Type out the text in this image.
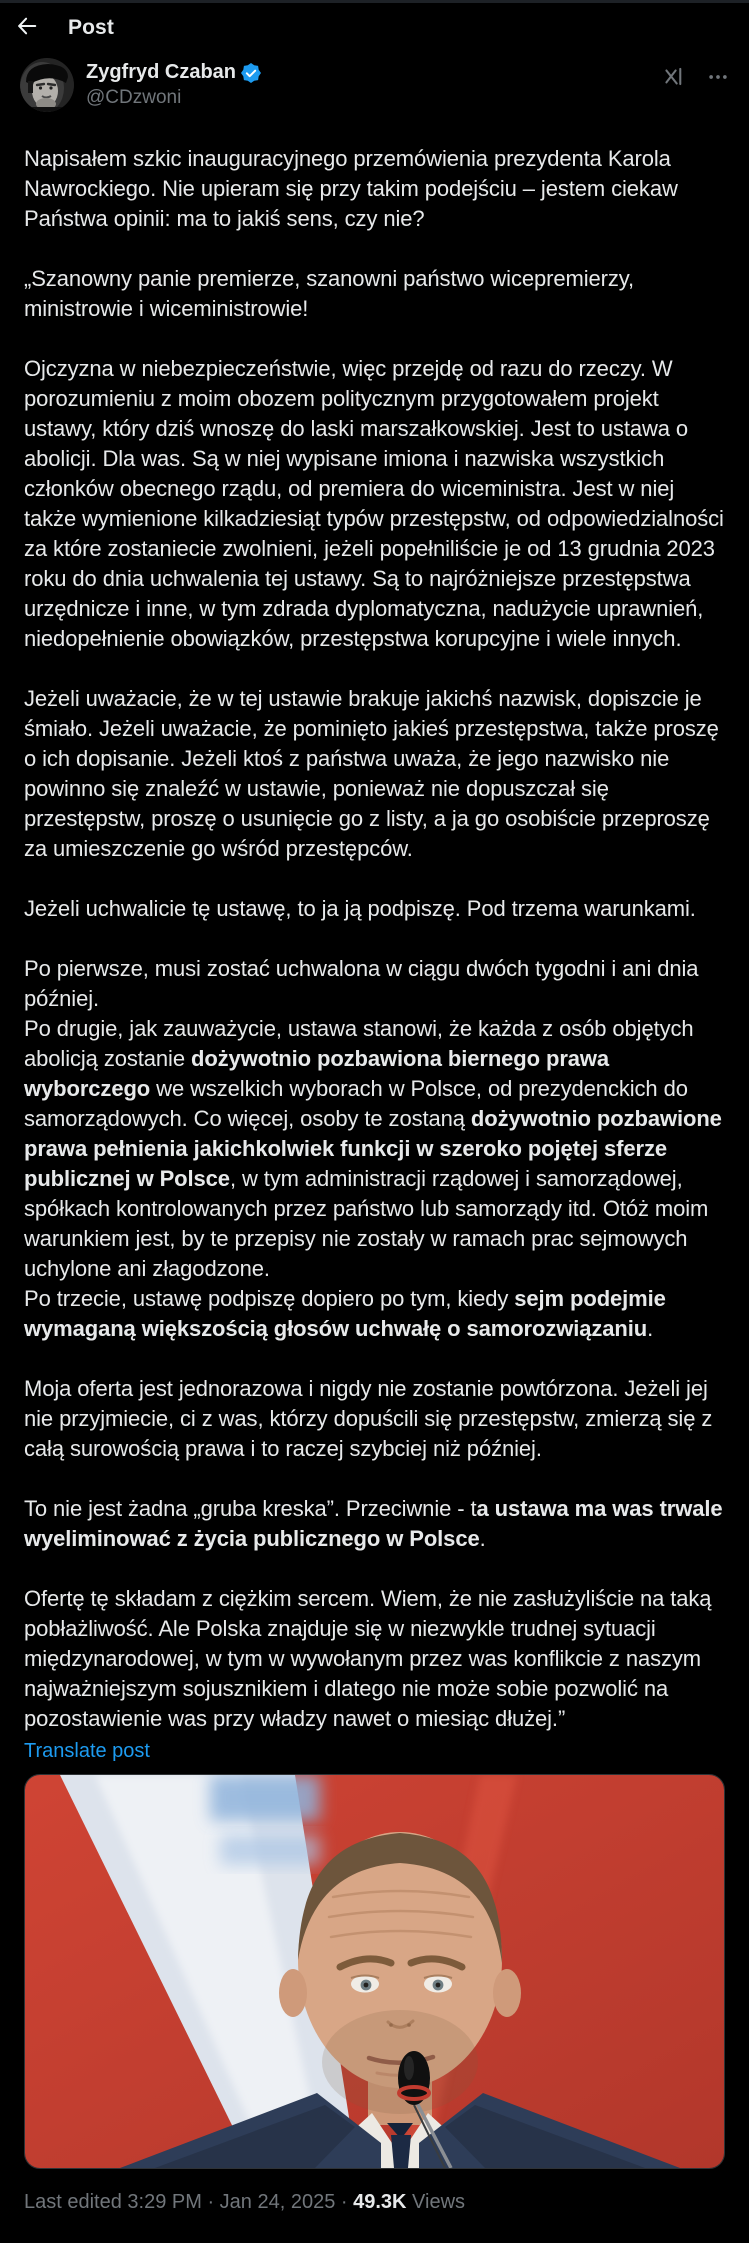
Post
Zygfryd Czaban
@CDzwoni

Napisałem szkic inauguracyjnego przemówienia prezydenta Karola Nawrockiego. Nie upieram się przy takim podejściu – jestem ciekaw Państwa opinii: ma to jakiś sens, czy nie?

„Szanowny panie premierze, szanowni państwo wicepremierzy, ministrowie i wiceministrowie!

Ojczyzna w niebezpieczeństwie, więc przejdę od razu do rzeczy. W porozumieniu z moim obozem politycznym przygotowałem projekt ustawy, który dziś wnoszę do laski marszałkowskiej. Jest to ustawa o abolicji. Dla was. Są w niej wypisane imiona i nazwiska wszystkich członków obecnego rządu, od premiera do wiceministra. Jest w niej także wymienione kilkadziesiąt typów przestępstw, od odpowiedzialności za które zostaniecie zwolnieni, jeżeli popełniliście je od 13 grudnia 2023 roku do dnia uchwalenia tej ustawy. Są to najróżniejsze przestępstwa urzędnicze i inne, w tym zdrada dyplomatyczna, nadużycie uprawnień, niedopełnienie obowiązków, przestępstwa korupcyjne i wiele innych.

Jeżeli uważacie, że w tej ustawie brakuje jakichś nazwisk, dopiszcie je śmiało. Jeżeli uważacie, że pominięto jakieś przestępstwa, także proszę o ich dopisanie. Jeżeli ktoś z państwa uważa, że jego nazwisko nie powinno się znaleźć w ustawie, ponieważ nie dopuszczał się przestępstw, proszę o usunięcie go z listy, a ja go osobiście przeproszę za umieszczenie go wśród przestępców.

Jeżeli uchwalicie tę ustawę, to ja ją podpiszę. Pod trzema warunkami.

Po pierwsze, musi zostać uchwalona w ciągu dwóch tygodni i ani dnia później.
Po drugie, jak zauważycie, ustawa stanowi, że każda z osób objętych abolicją zostanie dożywotnio pozbawiona biernego prawa wyborczego we wszelkich wyborach w Polsce, od prezydenckich do samorządowych. Co więcej, osoby te zostaną dożywotnio pozbawione prawa pełnienia jakichkolwiek funkcji w szeroko pojętej sferze publicznej w Polsce, w tym administracji rządowej i samorządowej, spółkach kontrolowanych przez państwo lub samorządy itd. Otóż moim warunkiem jest, by te przepisy nie zostały w ramach prac sejmowych uchylone ani złagodzone.
Po trzecie, ustawę podpiszę dopiero po tym, kiedy sejm podejmie wymaganą większością głosów uchwałę o samorozwiązaniu.

Moja oferta jest jednorazowa i nigdy nie zostanie powtórzona. Jeżeli jej nie przyjmiecie, ci z was, którzy dopuścili się przestępstw, zmierzą się z całą surowością prawa i to raczej szybciej niż później.

To nie jest żadna „gruba kreska”. Przeciwnie - ta ustawa ma was trwale wyeliminować z życia publicznego w Polsce.

Ofertę tę składam z ciężkim sercem. Wiem, że nie zasłużyliście na taką pobłażliwość. Ale Polska znajduje się w niezwykle trudnej sytuacji międzynarodowej, w tym w wywołanym przez was konflikcie z naszym najważniejszym sojusznikiem i dlatego nie może sobie pozwolić na pozostawienie was przy władzy nawet o miesiąc dłużej.”

Translate post
Last edited 3:29 PM · Jan 24, 2025 · 49.3K Views
